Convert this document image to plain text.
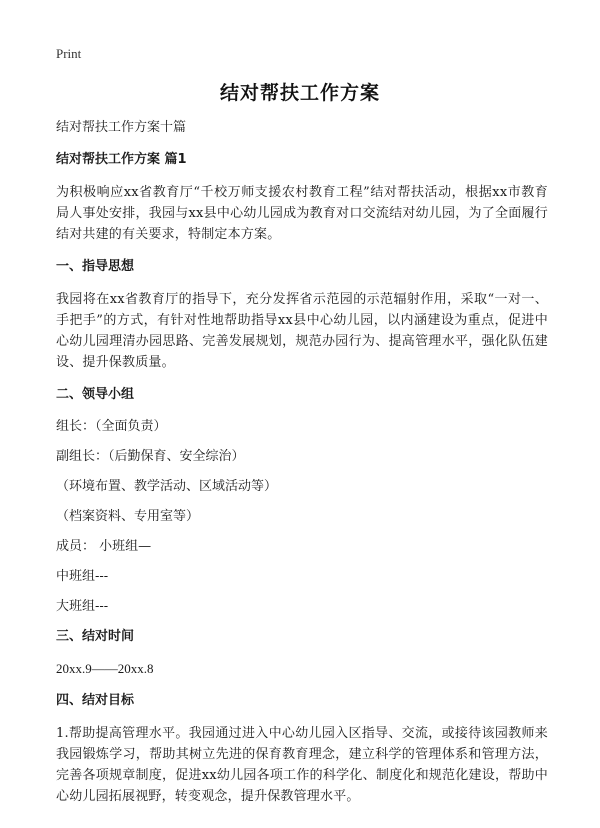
Print
结对帮扶工作方案
结对帮扶工作方案十篇
结对帮扶工作方案 篇1
为积极响应xx省教育厅“千校万师支援农村教育工程”结对帮扶活动，根据xx市教育局人事处安排，我园与xx县中心幼儿园成为教育对口交流结对幼儿园，为了全面履行结对共建的有关要求，特制定本方案。
一、指导思想
我园将在xx省教育厅的指导下，充分发挥省示范园的示范辐射作用，采取“一对一、手把手”的方式，有针对性地帮助指导xx县中心幼儿园，以内涵建设为重点，促进中心幼儿园理清办园思路、完善发展规划，规范办园行为、提高管理水平，强化队伍建设、提升保教质量。
二、领导小组
组长：（全面负责）
副组长：（后勤保育、安全综治）
（环境布置、教学活动、区域活动等）
（档案资料、专用室等）
成员： 小班组—
中班组---
大班组---
三、结对时间
20xx.9——20xx.8
四、结对目标
1.帮助提高管理水平。我园通过进入中心幼儿园入区指导、交流，或接待该园教师来我园锻炼学习，帮助其树立先进的保育教育理念，建立科学的管理体系和管理方法，完善各项规章制度，促进xx幼儿园各项工作的科学化、制度化和规范化建设，帮助中心幼儿园拓展视野，转变观念，提升保教管理水平。
